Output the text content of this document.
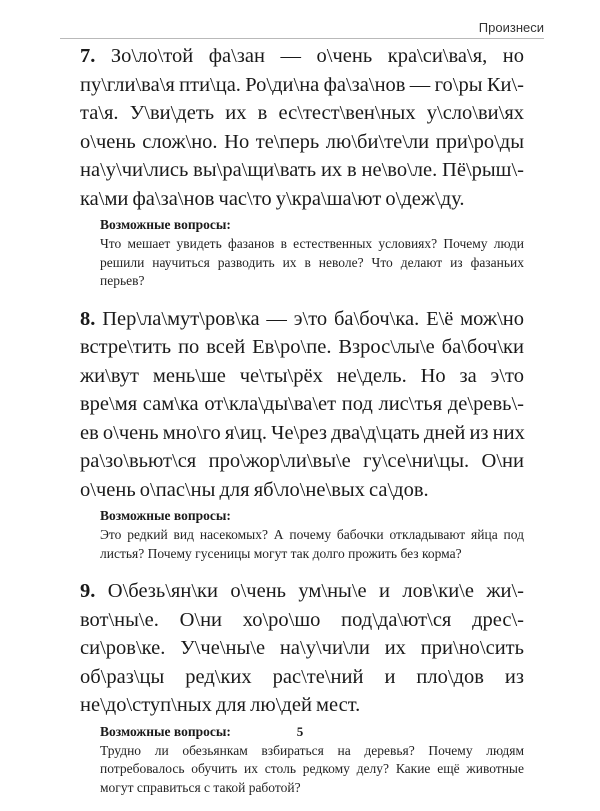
Произнеси

7. Зо\ло\той фа\зан — о\чень кра\си\ва\я, но
пу\гли\ва\я пти\ца. Ро\ди\на фа\за\нов — го\ры Ки\-
та\я. У\ви\деть их в ес\тест\вен\ных у\сло\ви\ях
о\чень слож\но. Но те\перь лю\би\те\ли при\ро\ды
на\у\чи\лись вы\ра\щи\вать их в не\во\ле. Пё\рыш\-
ка\ми фа\за\нов час\то у\кра\ша\ют о\деж\ду.

Возможные вопросы:

Что мешает увидеть фазанов в естественных условиях? Почему люди решили научиться разводить их в неволе? Что делают из фазаньих перьев?

8. Пер\ла\мут\ров\ка — э\то ба\боч\ка. Е\ё мож\но
встре\тить по всей Ев\ро\пе. Взрос\лы\е ба\боч\ки
жи\вут мень\ше че\ты\рёх не\дель. Но за э\то
вре\мя сам\ка от\кла\ды\ва\ет под лис\тья де\ревь\-
ев о\чень мно\го я\иц. Че\рез два\д\цать дней из них
ра\зо\вьют\ся про\жор\ли\вы\е гу\се\ни\цы. О\ни
о\чень о\пас\ны для яб\ло\не\вых са\дов.

Возможные вопросы:

Это редкий вид насекомых? А почему бабочки откладывают яйца под листья? Почему гусеницы могут так долго прожить без корма?

9. О\безь\ян\ки о\чень ум\ны\е и лов\ки\е жи\-
вот\ны\е. О\ни хо\ро\шо под\да\ют\ся дрес\-
си\ров\ке. У\че\ны\е на\у\чи\ли их при\но\сить
об\раз\цы ред\ких рас\те\ний и пло\дов из
не\до\ступ\ных для лю\дей мест.

Возможные вопросы:

Трудно ли обезьянкам взбираться на деревья? Почему людям потребовалось обучить их столь редкому делу? Какие ещё животные могут справиться с такой работой?

5
